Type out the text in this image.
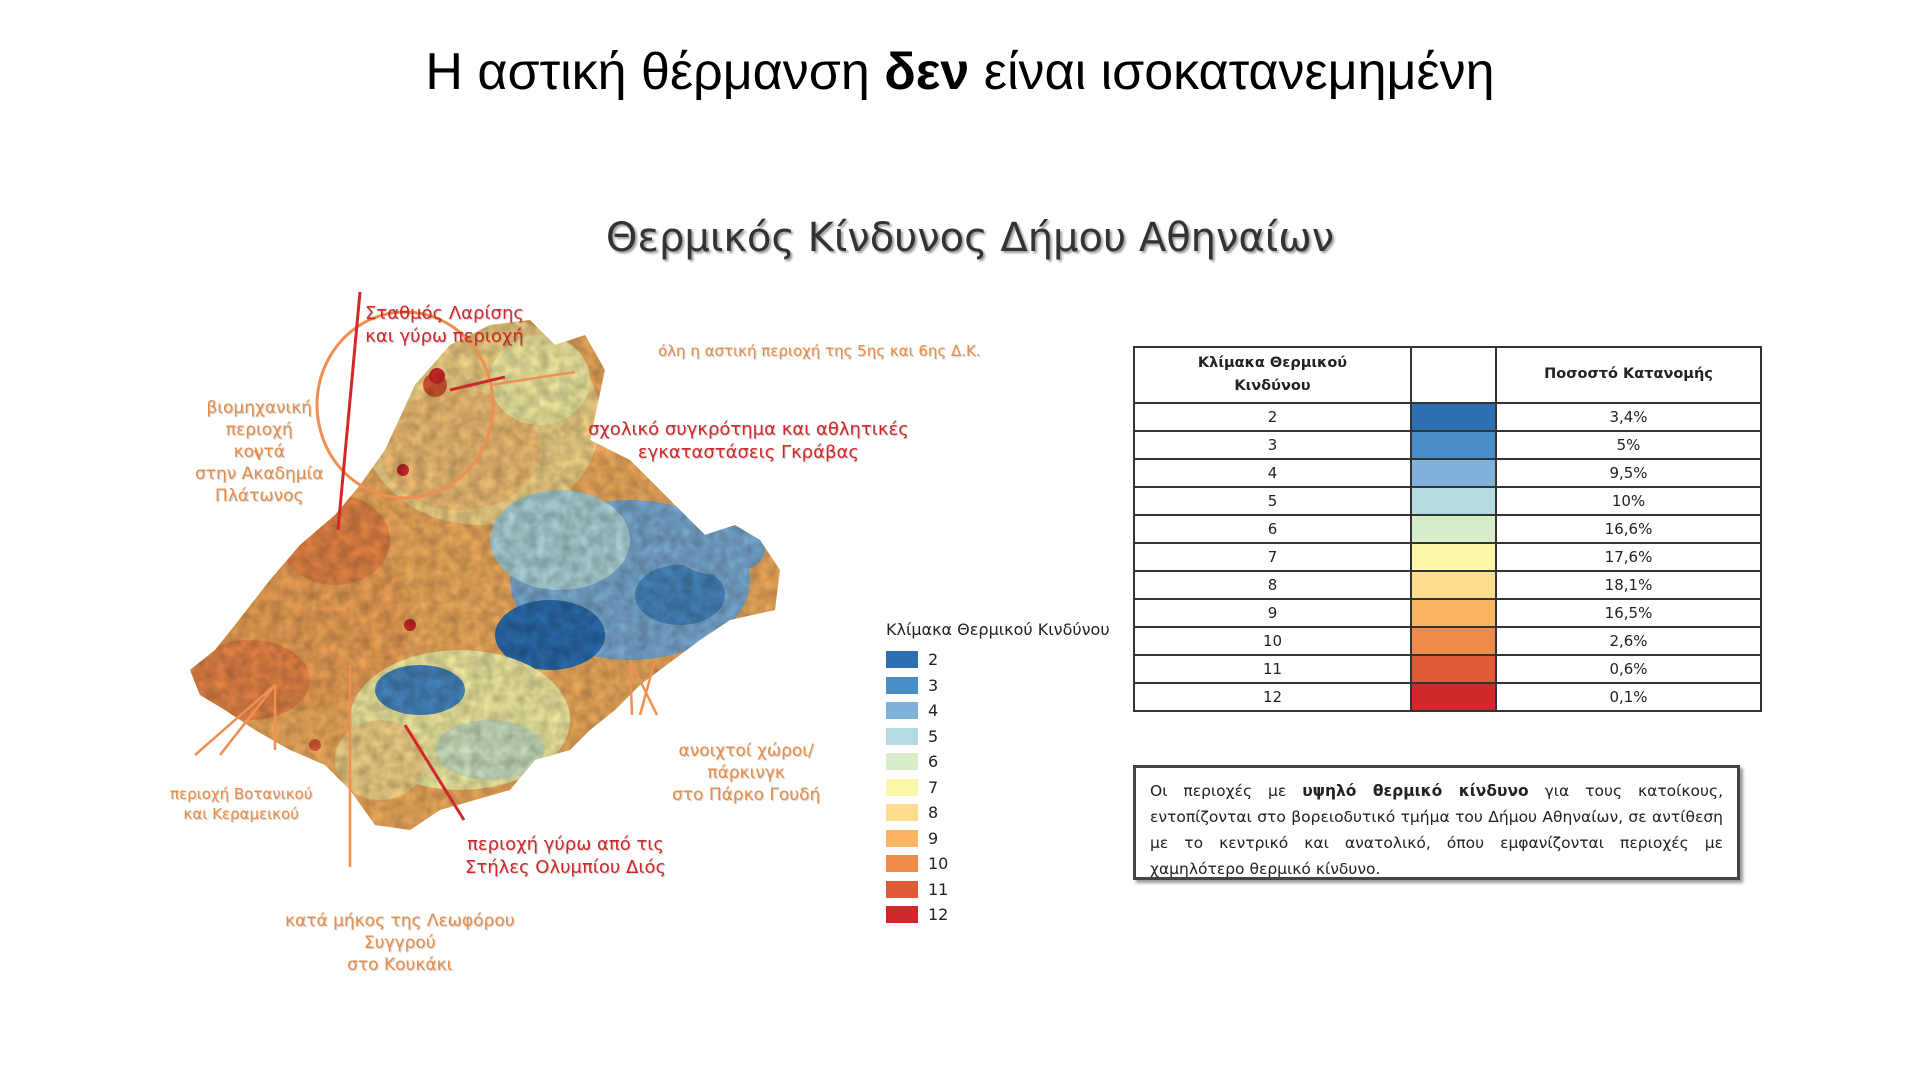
Η αστική θέρμανση δεν είναι ισοκατανεμημένη
Θερμικός Κίνδυνος Δήμου Αθηναίων
Σταθμός Λαρίσης
και γύρω περιοχή
όλη η αστική περιοχή της 5ης και 6ης Δ.Κ.
βιομηχανική
περιοχή
κοντά
στην Ακαδημία
Πλάτωνος
σχολικό συγκρότημα και αθλητικές
εγκαταστάσεις Γκράβας
περιοχή Βοτανικού
και Κεραμεικού
ανοιχτοί χώροι/
πάρκινγκ
στο Πάρκο Γουδή
περιοχή γύρω από τις
Στήλες Ολυμπίου Διός
κατά μήκος της Λεωφόρου
Συγγρού
στο Κουκάκι
Κλίμακα Θερμικού Κινδύνου
2
3
4
5
6
7
8
9
10
11
12
Κλίμακα Θερμικού
Κινδύνου		Ποσοστό Κατανομής
2		3,4%
3		5%
4		9,5%
5		10%
6		16,6%
7		17,6%
8		18,1%
9		16,5%
10		2,6%
11		0,6%
12		0,1%
Οι περιοχές με υψηλό θερμικό κίνδυνο για τους κατοίκους, εντοπίζονται στο βορειοδυτικό τμήμα του Δήμου Αθηναίων, σε αντίθεση με το κεντρικό και ανατολικό, όπου εμφανίζονται περιοχές με χαμηλότερο θερμικό κίνδυνο.
